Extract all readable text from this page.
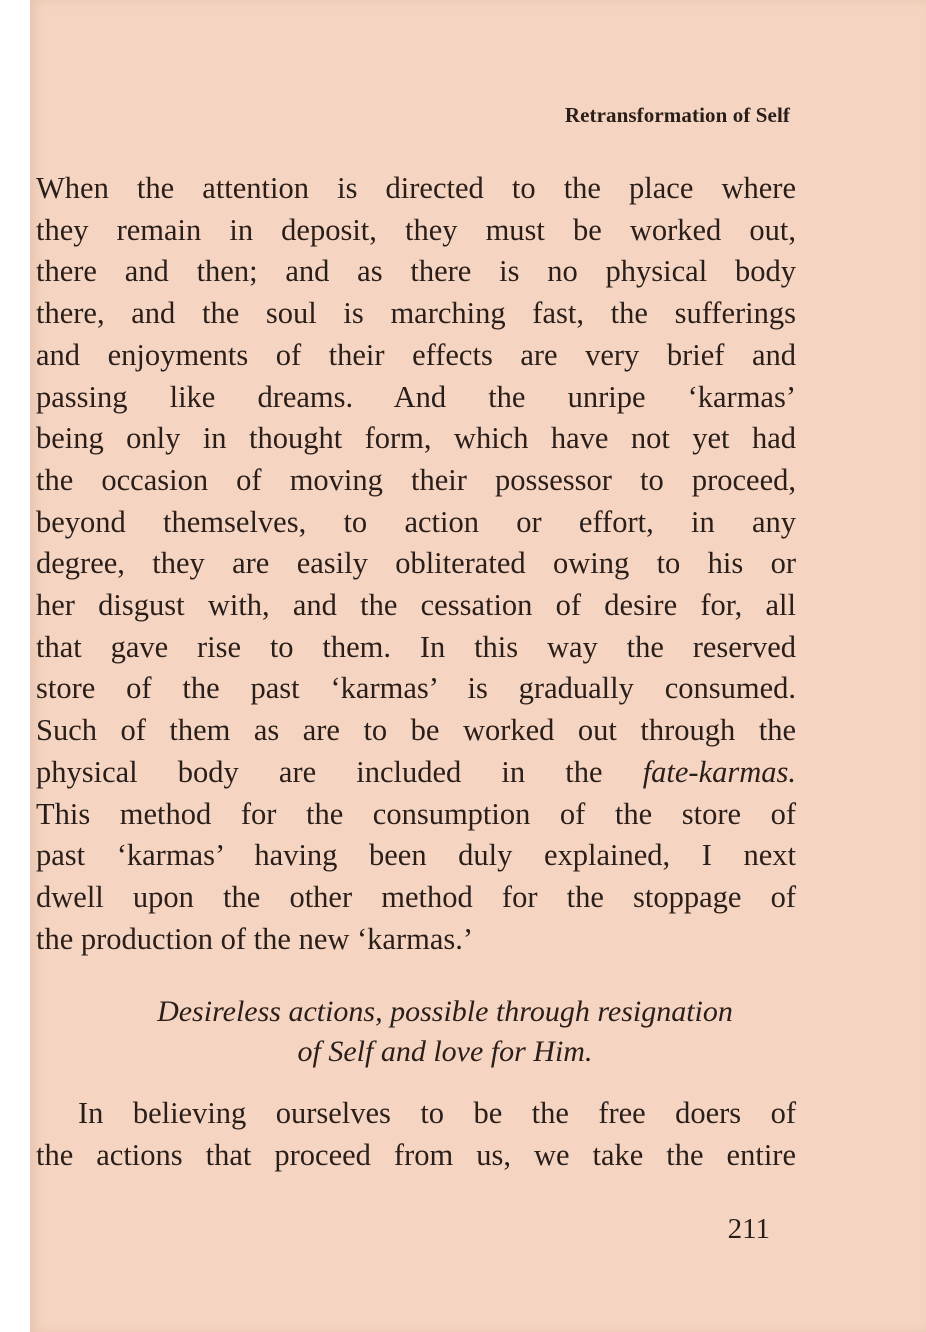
Retransformation of Self
When the attention is directed to the place where
they remain in deposit, they must be worked out,
there and then; and as there is no physical body
there, and the soul is marching fast, the sufferings
and enjoyments of their effects are very brief and
passing like dreams. And the unripe ‘karmas’
being only in thought form, which have not yet had
the occasion of moving their possessor to proceed,
beyond themselves, to action or effort, in any
degree, they are easily obliterated owing to his or
her disgust with, and the cessation of desire for, all
that gave rise to them. In this way the reserved
store of the past ‘karmas’ is gradually consumed.
Such of them as are to be worked out through the
physical body are included in the fate-karmas.
This method for the consumption of the store of
past ‘karmas’ having been duly explained, I next
dwell upon the other method for the stoppage of
the production of the new ‘karmas.’
Desireless actions, possible through resignation
of Self and love for Him.
In believing ourselves to be the free doers of
the actions that proceed from us, we take the entire
211
